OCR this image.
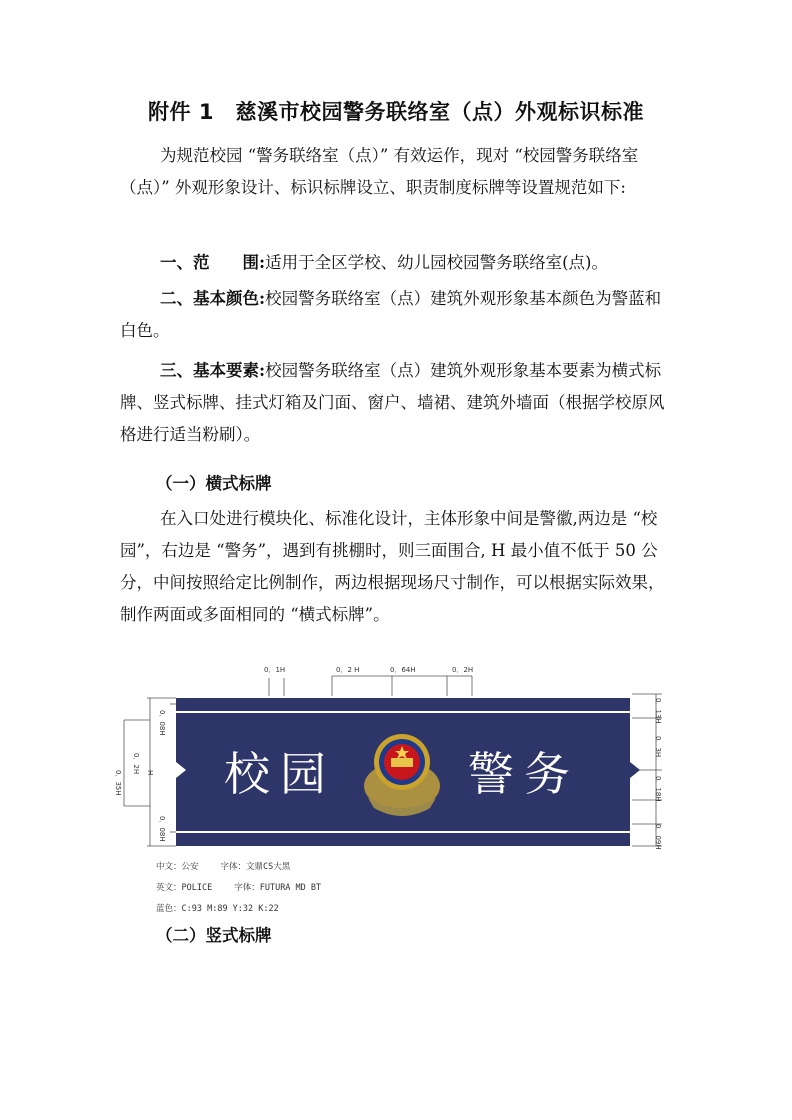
附件 1　慈溪市校园警务联络室（点）外观标识标准

为规范校园 “警务联络室（点）” 有效运作，现对 “校园警务联络室（点）” 外观形象设计、标识标牌设立、职责制度标牌等设置规范如下:

一、范　　围:适用于全区学校、幼儿园校园警务联络室(点)。

二、基本颜色:校园警务联络室（点）建筑外观形象基本颜色为警蓝和白色。

三、基本要素:校园警务联络室（点）建筑外观形象基本要素为横式标牌、竖式标牌、挂式灯箱及门面、窗户、墙裙、建筑外墙面（根据学校原风格进行适当粉刷）。

（一）横式标牌

在入口处进行模块化、标准化设计，主体形象中间是警徽,两边是 “校园”，右边是 “警务”，遇到有挑棚时，则三面围合, H 最小值不低于 50 公分，中间按照给定比例制作，两边根据现场尺寸制作，可以根据实际效果，制作两面或多面相同的 “横式标牌”。

0．1H	0．2 H	0．64H	0．2H
0．2H
0．08H
H
0．35H
0．08H
0．13H
0．3H
0．18H
0．09H
校园	警务
中文：公安	字体：文鼎CS大黑
英文：POLICE	字体：FUTURA MD BT
蓝色：C:93 M:89 Y:32 K:22
（二）竖式标牌
